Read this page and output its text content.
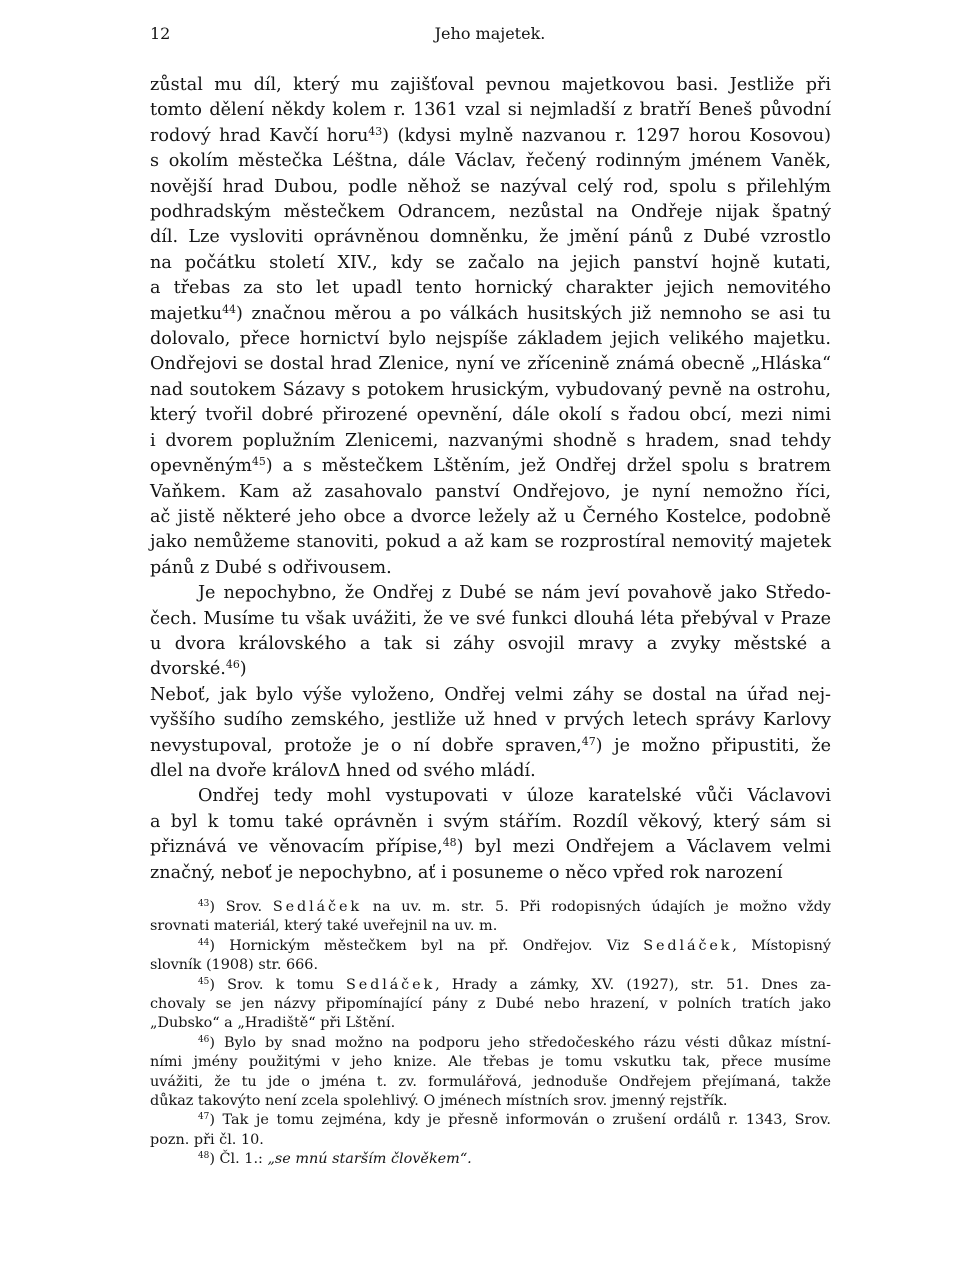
12	Jeho majetek.

zůstal mu díl, který mu zajišťoval pevnou majetkovou basi. Jestliže při

tomto dělení někdy kolem r. 1361 vzal si nejmladší z bratří Beneš původní

rodový hrad Kavčí horu$^{43}$) (kdysi mylně nazvanou r. 1297 horou Kosovou)

s okolím městečka Léštna, dále Václav, řečený rodinným jménem Vaněk,

novější hrad Dubou, podle něhož se nazýval celý rod, spolu s přilehlým

podhradským městečkem Odrancem, nezůstal na Ondřeje nijak špatný

díl. Lze vysloviti oprávněnou domněnku, že jmění pánů z Dubé vzrostlo

na počátku století XIV., kdy se začalo na jejich panství hojně kutati,

a třebas za sto let upadl tento hornický charakter jejich nemovitého

majetku$^{44}$) značnou měrou a po válkách husitských již nemnoho se asi tu

dolovalo, přece hornictví bylo nejspíše základem jejich velikého majetku.

Ondřejovi se dostal hrad Zlenice, nyní ve zřícenině známá obecně „Hláska“

nad soutokem Sázavy s potokem hrusickým, vybudovaný pevně na ostrohu,

který tvořil dobré přirozené opevnění, dále okolí s řadou obcí, mezi nimi

i dvorem poplužním Zlenicemi, nazvanými shodně s hradem, snad tehdy

opevněným$^{45}$) a s městečkem Lštěním, jež Ondřej držel spolu s bratrem

Vaňkem. Kam až zasahovalo panství Ondřejovo, je nyní nemožno říci,

ač jistě některé jeho obce a dvorce ležely až u Černého Kostelce, podobně

jako nemůžeme stanoviti, pokud a až kam se rozprostíral nemovitý majetek

pánů z Dubé s odřivousem.

Je nepochybno, že Ondřej z Dubé se nám jeví povahově jako Středo-

čech. Musíme tu však uvážiti, že ve své funkci dlouhá léta přebýval v Praze

u dvora královského a tak si záhy osvojil mravy a zvyky městské a dvorské.$^{46}$)

Neboť, jak bylo výše vyloženo, Ondřej velmi záhy se dostal na úřad nej-

vyššího sudího zemského, jestliže už hned v prvých letech správy Karlovy

nevystupoval, protože je o ní dobře spraven,$^{47}$) je možno připustiti, že

dlel na dvoře královΔ hned od svého mládí.

Ondřej tedy mohl vystupovati v úloze karatelské vůči Václavovi

a byl k tomu také oprávněn i svým stářím. Rozdíl věkový, který sám si

přiznává ve věnovacím přípise,$^{48}$) byl mezi Ondřejem a Václavem velmi

značný, neboť je nepochybno, ať i posuneme o něco vpřed rok narození

$^{43}$) Srov. Sedláček na uv. m. str. 5. Při rodopisných údajích je možno vždy

srovnati materiál, který také uveřejnil na uv. m.

$^{44}$) Hornickým městečkem byl na př. Ondřejov. Viz Sedláček, Místopisný

slovník (1908) str. 666.

$^{45}$) Srov. k tomu Sedláček, Hrady a zámky, XV. (1927), str. 51. Dnes za-

chovaly se jen názvy připomínající pány z Dubé nebo hrazení, v polních tratích jako

„Dubsko“ a „Hradiště“ při Lštění.

$^{46}$) Bylo by snad možno na podporu jeho středočeského rázu vésti důkaz místní-

ními jmény použitými v jeho knize. Ale třebas je tomu vskutku tak, přece musíme

uvážiti, že tu jde o jména t. zv. formulářová, jednoduše Ondřejem přejímaná, takže

důkaz takovýto není zcela spolehlivý. O jménech místních srov. jmenný rejstřík.

$^{47}$) Tak je tomu zejména, kdy je přesně informován o zrušení ordálů r. 1343, Srov.

pozn. při čl. 10.

$^{48}$) Čl. 1.: „se mnú starším člověkem“.
